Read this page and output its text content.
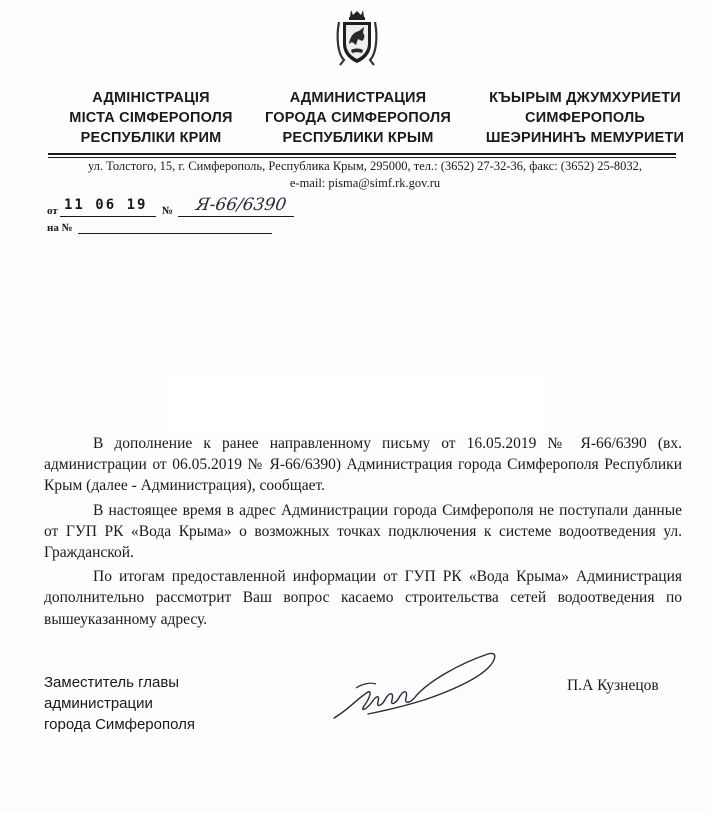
АДМІНІСТРАЦІЯ
МІСТА СІМФЕРОПОЛЯ
РЕСПУБЛІКИ КРИМ
АДМИНИСТРАЦИЯ
ГОРОДА СИМФЕРОПОЛЯ
РЕСПУБЛИКИ КРЫМ
КЪЫРЫМ ДЖУМХУРИЕТИ
СИМФЕРОПОЛЬ
ШЕЭРИНИНЪ МЕМУРИЕТИ
ул. Толстого, 15, г. Симферополь, Республика Крым, 295000, тел.: (3652) 27-32-36, факс: (3652) 25-8032,
e-mail: pisma@simf.rk.gov.ru
от 11 06 19 № Я-66/6390
на №

В дополнение к ранее направленному письму от 16.05.2019 № Я-66/6390 (вх. администрации от 06.05.2019 № Я-66/6390) Администрация города Симферополя Республики Крым (далее - Администрация), сообщает.

В настоящее время в адрес Администрации города Симферополя не поступали данные от ГУП РК «Вода Крыма» о возможных точках подключения к системе водоотведения ул. Гражданской.

По итогам предоставленной информации от ГУП РК «Вода Крыма» Администрация дополнительно рассмотрит Ваш вопрос касаемо строительства сетей водоотведения по вышеуказанному адресу.

Заместитель главы
администрации
города Симферополя
П.А Кузнецов
